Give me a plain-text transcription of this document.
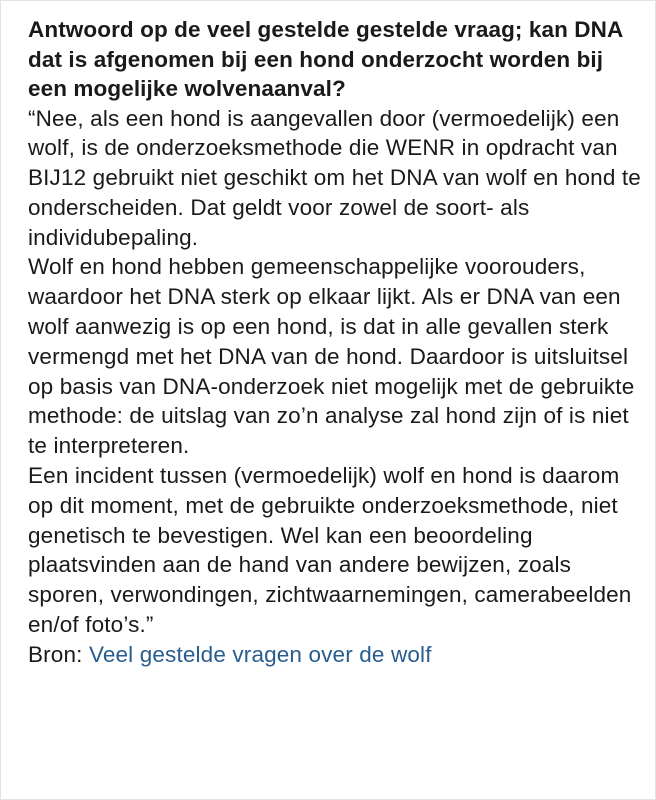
Antwoord op de veel gestelde gestelde vraag; kan DNA dat is afgenomen bij een hond onderzocht worden bij een mogelijke wolvenaanval?

“Nee, als een hond is aangevallen door (vermoedelijk) een wolf, is de onderzoeksmethode die WENR in opdracht van BIJ12 gebruikt niet geschikt om het DNA van wolf en hond te onderscheiden. Dat geldt voor zowel de soort- als individubepaling.

Wolf en hond hebben gemeenschappelijke voorouders, waardoor het DNA sterk op elkaar lijkt. Als er DNA van een wolf aanwezig is op een hond, is dat in alle gevallen sterk vermengd met het DNA van de hond. Daardoor is uitsluitsel op basis van DNA-onderzoek niet mogelijk met de gebruikte methode: de uitslag van zo’n analyse zal hond zijn of is niet te interpreteren.

Een incident tussen (vermoedelijk) wolf en hond is daarom op dit moment, met de gebruikte onderzoeksmethode, niet genetisch te bevestigen. Wel kan een beoordeling plaatsvinden aan de hand van andere bewijzen, zoals sporen, verwondingen, zichtwaarnemingen, camerabeelden en/of foto’s.”

Bron: Veel gestelde vragen over de wolf
